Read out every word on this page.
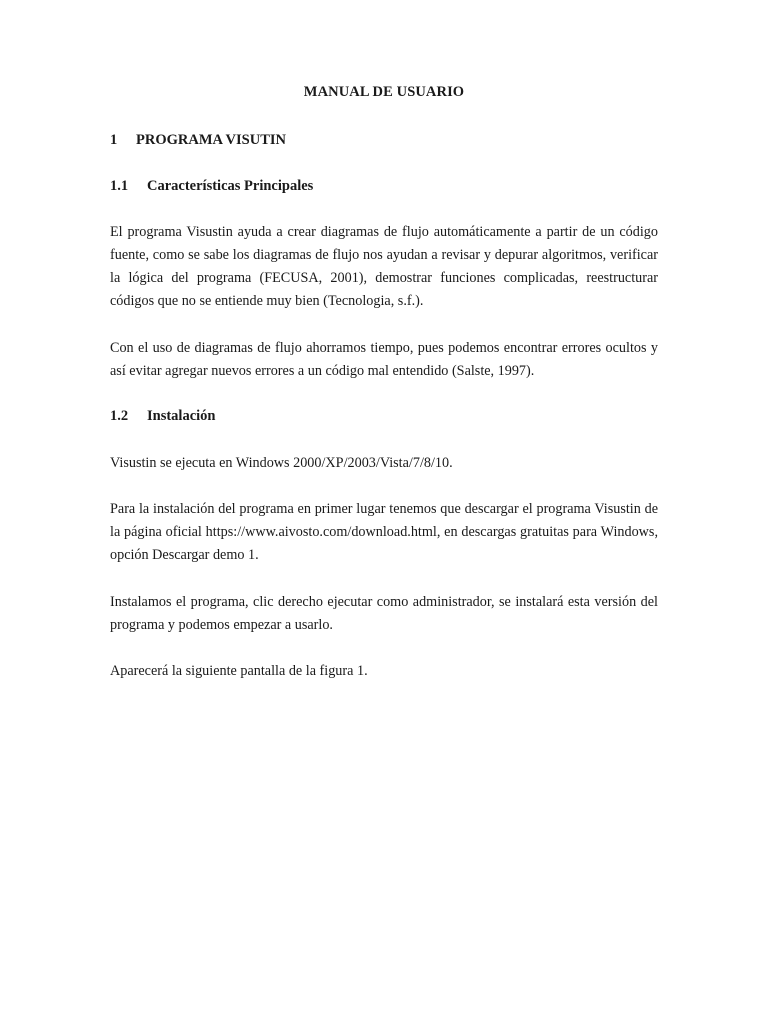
MANUAL DE USUARIO
1 PROGRAMA VISUTIN
1.1 Características Principales
El programa Visustin ayuda a crear diagramas de flujo automáticamente a partir de un código fuente, como se sabe los diagramas de flujo nos ayudan a revisar y depurar algoritmos, verificar la lógica del programa (FECUSA, 2001), demostrar funciones complicadas, reestructurar códigos que no se entiende muy bien (Tecnologia, s.f.).
Con el uso de diagramas de flujo ahorramos tiempo, pues podemos encontrar errores ocultos y así evitar agregar nuevos errores a un código mal entendido (Salste, 1997).
1.2 Instalación
Visustin se ejecuta en Windows 2000/XP/2003/Vista/7/8/10.
Para la instalación del programa en primer lugar tenemos que descargar el programa Visustin de la página oficial https://www.aivosto.com/download.html, en descargas gratuitas para Windows, opción Descargar demo 1.
Instalamos el programa, clic derecho ejecutar como administrador, se instalará esta versión del programa y podemos empezar a usarlo.
Aparecerá la siguiente pantalla de la figura 1.
